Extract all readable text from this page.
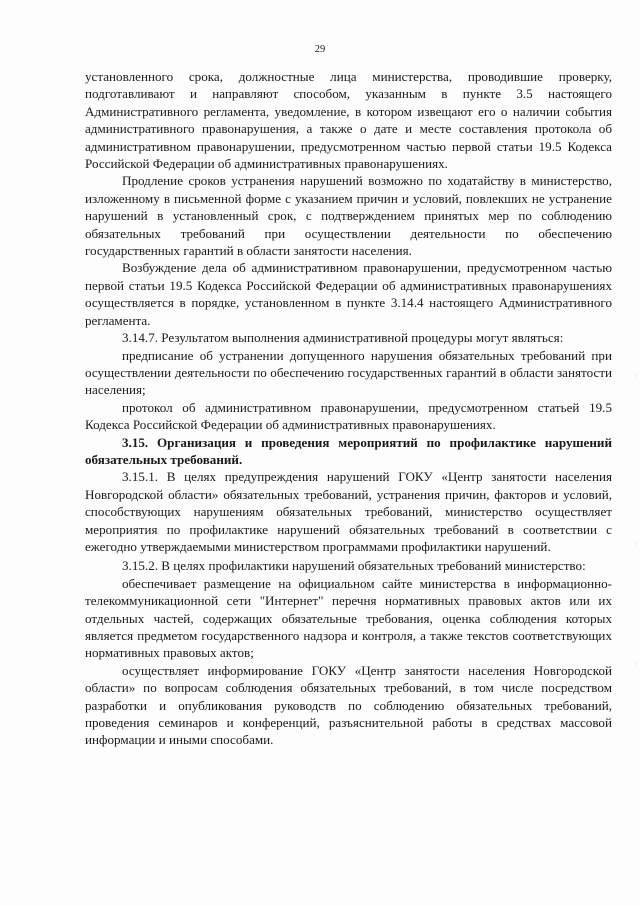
29

установленного срока, должностные лица министерства, проводившие проверку, подготавливают и направляют способом, указанным в пункте 3.5 настоящего Административного регламента, уведомление, в котором извещают его о наличии события административного правонарушения, а также о дате и месте составления протокола об административном правонарушении, предусмотренном частью первой статьи 19.5 Кодекса Российской Федерации об административных правонарушениях.

Продление сроков устранения нарушений возможно по ходатайству в министерство, изложенному в письменной форме с указанием причин и условий, повлекших не устранение нарушений в установленный срок, с подтверждением принятых мер по соблюдению обязательных требований при осуществлении деятельности по обеспечению государственных гарантий в области занятости населения.

Возбуждение дела об административном правонарушении, предусмотренном частью первой статьи 19.5 Кодекса Российской Федерации об административных правонарушениях осуществляется в порядке, установленном в пункте 3.14.4 настоящего Административного регламента.

3.14.7. Результатом выполнения административной процедуры могут являться:

предписание об устранении допущенного нарушения обязательных требований при осуществлении деятельности по обеспечению государственных гарантий в области занятости населения;

протокол об административном правонарушении, предусмотренном статьей 19.5 Кодекса Российской Федерации об административных правонарушениях.

3.15. Организация и проведения мероприятий по профилактике нарушений обязательных требований.

3.15.1. В целях предупреждения нарушений ГОКУ «Центр занятости населения Новгородской области» обязательных требований, устранения причин, факторов и условий, способствующих нарушениям обязательных требований, министерство осуществляет мероприятия по профилактике нарушений обязательных требований в соответствии с ежегодно утверждаемыми министерством программами профилактики нарушений.

3.15.2. В целях профилактики нарушений обязательных требований министерство:

обеспечивает размещение на официальном сайте министерства в информационно-телекоммуникационной сети "Интернет" перечня нормативных правовых актов или их отдельных частей, содержащих обязательные требования, оценка соблюдения которых является предметом государственного надзора и контроля, а также текстов соответствующих нормативных правовых актов;

осуществляет информирование ГОКУ «Центр занятости населения Новгородской области» по вопросам соблюдения обязательных требований, в том числе посредством разработки и опубликования руководств по соблюдению обязательных требований, проведения семинаров и конференций, разъяснительной работы в средствах массовой информации и иными способами.

·
·
·
